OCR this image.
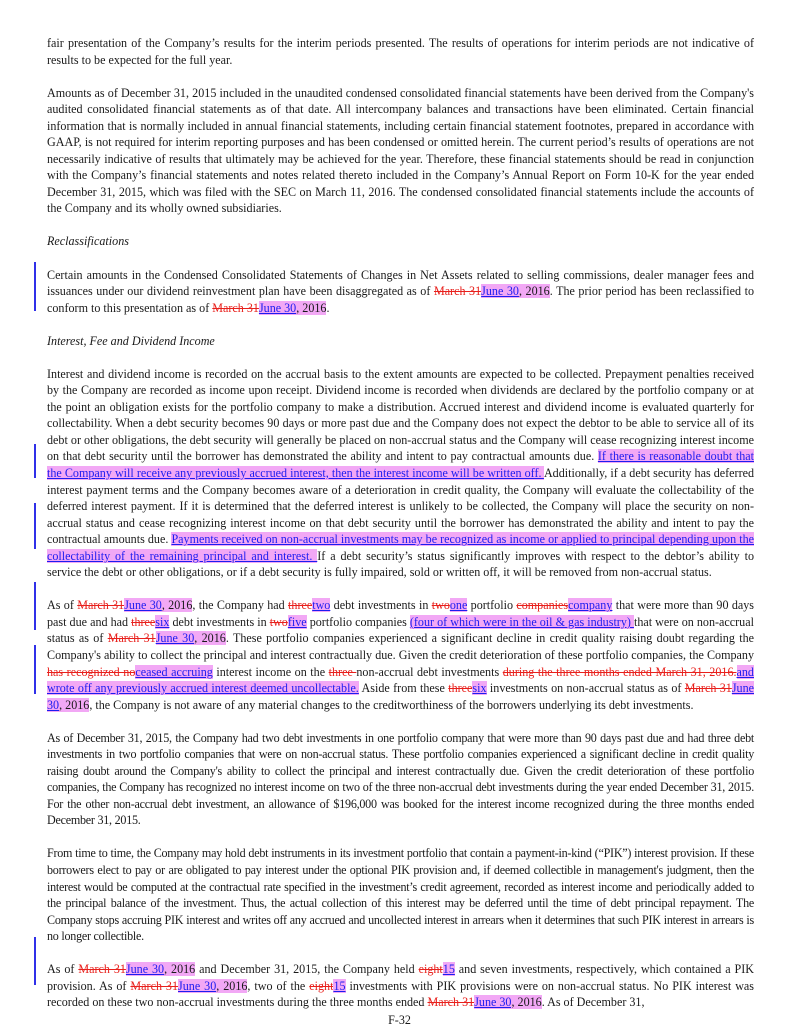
fair presentation of the Company’s results for the interim periods presented. The results of operations for interim periods are not indicative of results to be expected for the full year.

Amounts as of December 31, 2015 included in the unaudited condensed consolidated financial statements have been derived from the Company's audited consolidated financial statements as of that date. All intercompany balances and transactions have been eliminated. Certain financial information that is normally included in annual financial statements, including certain financial statement footnotes, prepared in accordance with GAAP, is not required for interim reporting purposes and has been condensed or omitted herein. The current period’s results of operations are not necessarily indicative of results that ultimately may be achieved for the year. Therefore, these financial statements should be read in conjunction with the Company’s financial statements and notes related thereto included in the Company’s Annual Report on Form 10-K for the year ended December 31, 2015, which was filed with the SEC on March 11, 2016. The condensed consolidated financial statements include the accounts of the Company and its wholly owned subsidiaries.

Reclassifications

Certain amounts in the Condensed Consolidated Statements of Changes in Net Assets related to selling commissions, dealer manager fees and issuances under our dividend reinvestment plan have been disaggregated as of March 31June 30, 2016. The prior period has been reclassified to conform to this presentation as of March 31June 30, 2016.

Interest, Fee and Dividend Income

Interest and dividend income is recorded on the accrual basis to the extent amounts are expected to be collected. Prepayment penalties received by the Company are recorded as income upon receipt. Dividend income is recorded when dividends are declared by the portfolio company or at the point an obligation exists for the portfolio company to make a distribution. Accrued interest and dividend income is evaluated quarterly for collectability. When a debt security becomes 90 days or more past due and the Company does not expect the debtor to be able to service all of its debt or other obligations, the debt security will generally be placed on non-accrual status and the Company will cease recognizing interest income on that debt security until the borrower has demonstrated the ability and intent to pay contractual amounts due. If there is reasonable doubt that the Company will receive any previously accrued interest, then the interest income will be written off. Additionally, if a debt security has deferred interest payment terms and the Company becomes aware of a deterioration in credit quality, the Company will evaluate the collectability of the deferred interest payment. If it is determined that the deferred interest is unlikely to be collected, the Company will place the security on non-accrual status and cease recognizing interest income on that debt security until the borrower has demonstrated the ability and intent to pay the contractual amounts due. Payments received on non-accrual investments may be recognized as income or applied to principal depending upon the collectability of the remaining principal and interest. If a debt security’s status significantly improves with respect to the debtor’s ability to service the debt or other obligations, or if a debt security is fully impaired, sold or written off, it will be removed from non-accrual status.

As of March 31June 30, 2016, the Company had threetwo debt investments in twoone portfolio companiescompany that were more than 90 days past due and had threesix debt investments in twofive portfolio companies (four of which were in the oil & gas industry) that were on non-accrual status as of March 31June 30, 2016. These portfolio companies experienced a significant decline in credit quality raising doubt regarding the Company's ability to collect the principal and interest contractually due. Given the credit deterioration of these portfolio companies, the Company has recognized noceased accruing interest income on the three non-accrual debt investments during the three months ended March 31, 2016.and wrote off any previously accrued interest deemed uncollectable. Aside from these threesix investments on non-accrual status as of March 31June 30, 2016, the Company is not aware of any material changes to the creditworthiness of the borrowers underlying its debt investments.

As of December 31, 2015, the Company had two debt investments in one portfolio company that were more than 90 days past due and had three debt investments in two portfolio companies that were on non-accrual status. These portfolio companies experienced a significant decline in credit quality raising doubt around the Company's ability to collect the principal and interest contractually due. Given the credit deterioration of these portfolio companies, the Company has recognized no interest income on two of the three non-accrual debt investments during the year ended December 31, 2015. For the other non-accrual debt investment, an allowance of $196,000 was booked for the interest income recognized during the three months ended December 31, 2015.

From time to time, the Company may hold debt instruments in its investment portfolio that contain a payment-in-kind (“PIK”) interest provision. If these borrowers elect to pay or are obligated to pay interest under the optional PIK provision and, if deemed collectible in management's judgment, then the interest would be computed at the contractual rate specified in the investment’s credit agreement, recorded as interest income and periodically added to the principal balance of the investment. Thus, the actual collection of this interest may be deferred until the time of debt principal repayment. The Company stops accruing PIK interest and writes off any accrued and uncollected interest in arrears when it determines that such PIK interest in arrears is no longer collectible.

As of March 31June 30, 2016 and December 31, 2015, the Company held eight15 and seven investments, respectively, which contained a PIK provision. As of March 31June 30, 2016, two of the eight15 investments with PIK provisions were on non-accrual status. No PIK interest was recorded on these two non-accrual investments during the three months ended March 31June 30, 2016. As of December 31,

F-32
